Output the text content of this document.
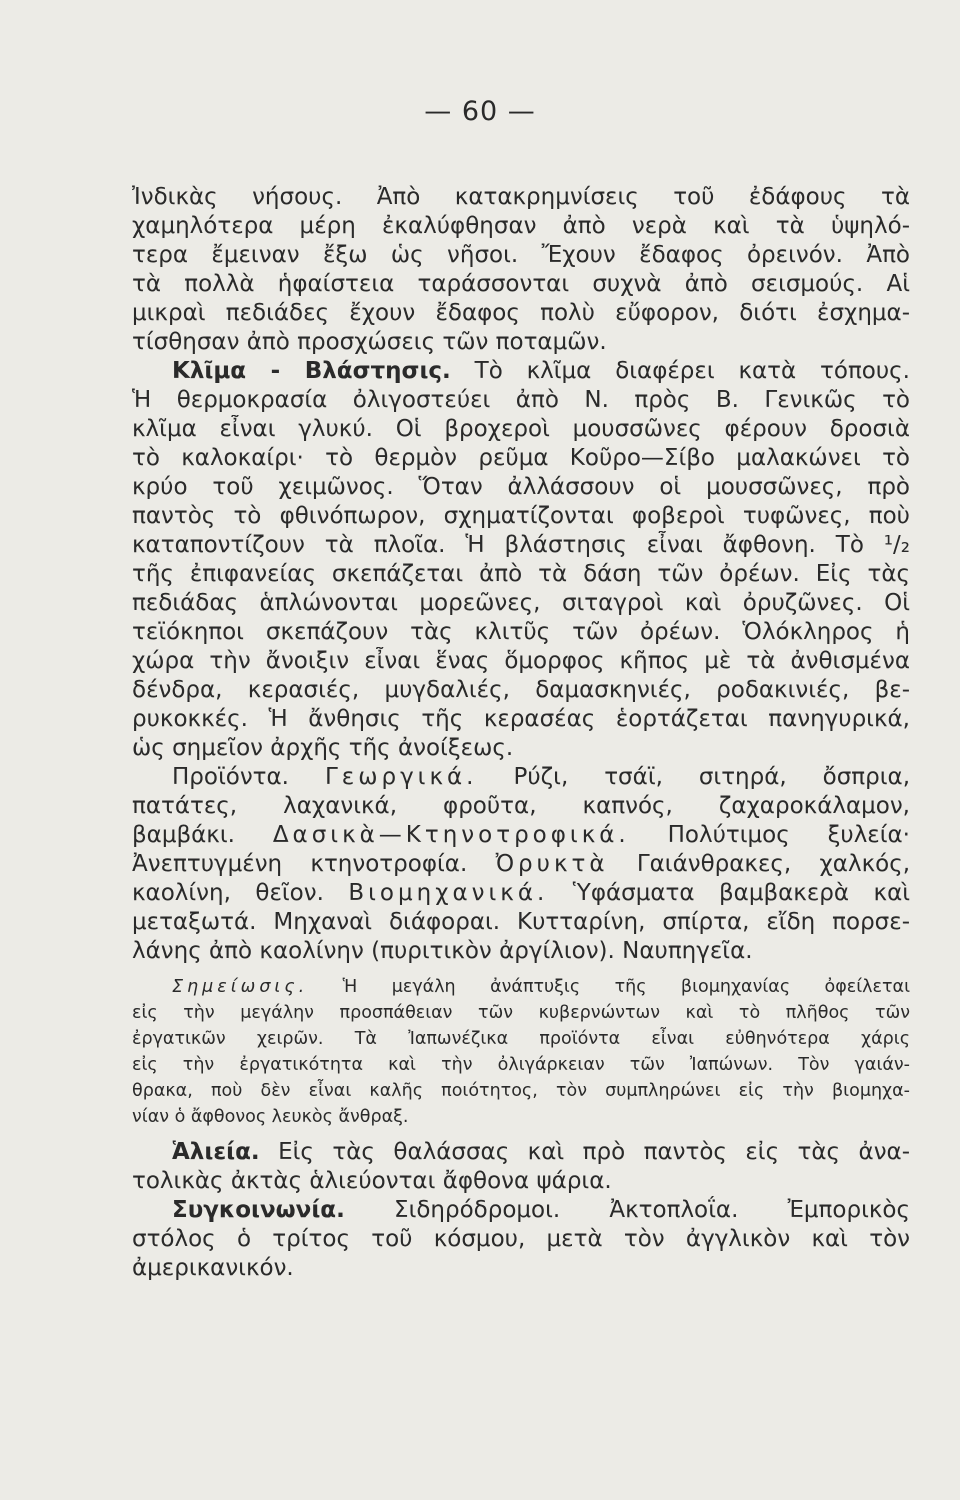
— 60 —
Ἰνδικὰς νήσους. Ἀπὸ κατακρημνίσεις τοῦ ἐδάφους τὰ
χαμηλότερα μέρη ἐκαλύφθησαν ἀπὸ νερὰ καὶ τὰ ὑψηλό-
τερα ἔμειναν ἔξω ὡς νῆσοι. Ἔχουν ἔδαφος ὀρεινόν. Ἀπὸ
τὰ πολλὰ ἡφαίστεια ταράσσονται συχνὰ ἀπὸ σεισμούς. Αἱ
μικραὶ πεδιάδες ἔχουν ἔδαφος πολὺ εὔφορον, διότι ἐσχημα-
τίσθησαν ἀπὸ προσχώσεις τῶν ποταμῶν.
Κλῖμα - Βλάστησις. Τὸ κλῖμα διαφέρει κατὰ τόπους.
Ἡ θερμοκρασία ὀλιγοστεύει ἀπὸ Ν. πρὸς Β. Γενικῶς τὸ
κλῖμα εἶναι γλυκύ. Οἱ βροχεροὶ μουσσῶνες φέρουν δροσιὰ
τὸ καλοκαίρι· τὸ θερμὸν ρεῦμα Κοῦρο—Σίβο μαλακώνει τὸ
κρύο τοῦ χειμῶνος. Ὅταν ἀλλάσσουν οἱ μουσσῶνες, πρὸ
παντὸς τὸ φθινόπωρον, σχηματίζονται φοβεροὶ τυφῶνες, ποὺ
καταποντίζουν τὰ πλοῖα. Ἡ βλάστησις εἶναι ἄφθονη. Τὸ ¹/₂
τῆς ἐπιφανείας σκεπάζεται ἀπὸ τὰ δάση τῶν ὀρέων. Εἰς τὰς
πεδιάδας ἁπλώνονται μορεῶνες, σιταγροὶ καὶ ὀρυζῶνες. Οἱ
τεϊόκηποι σκεπάζουν τὰς κλιτῦς τῶν ὀρέων. Ὁλόκληρος ἡ
χώρα τὴν ἄνοιξιν εἶναι ἕνας ὅμορφος κῆπος μὲ τὰ ἀνθισμένα
δένδρα, κερασιές, μυγδαλιές, δαμασκηνιές, ροδακινιές, βε-
ρυκοκκές. Ἡ ἄνθησις τῆς κερασέας ἑορτάζεται πανηγυρικά,
ὡς σημεῖον ἀρχῆς τῆς ἀνοίξεως.
Προϊόντα. Γεωργικά. Ρύζι, τσάϊ, σιτηρά, ὄσπρια,
πατάτες, λαχανικά, φροῦτα, καπνός, ζαχαροκάλαμον,
βαμβάκι. Δασικὰ—Κτηνοτροφικά. Πολύτιμος ξυλεία·
Ἀνεπτυγμένη κτηνοτροφία. Ὀρυκτὰ Γαιάνθρακες, χαλκός,
καολίνη, θεῖον. Βιομηχανικά. Ὑφάσματα βαμβακερὰ καὶ
μεταξωτά. Μηχαναὶ διάφοραι. Κυτταρίνη, σπίρτα, εἴδη πορσε-
λάνης ἀπὸ καολίνην (πυριτικὸν ἀργίλιον). Ναυπηγεῖα.
Σημείωσις. Ἡ μεγάλη ἀνάπτυξις τῆς βιομηχανίας ὀφείλεται
εἰς τὴν μεγάλην προσπάθειαν τῶν κυβερνώντων καὶ τὸ πλῆθος τῶν
ἐργατικῶν χειρῶν. Τὰ Ἰαπωνέζικα προϊόντα εἶναι εὐθηνότερα χάρις
εἰς τὴν ἐργατικότητα καὶ τὴν ὀλιγάρκειαν τῶν Ἰαπώνων. Τὸν γαιάν-
θρακα, ποὺ δὲν εἶναι καλῆς ποιότητος, τὸν συμπληρώνει εἰς τὴν βιομηχα-
νίαν ὁ ἄφθονος λευκὸς ἄνθραξ.
Ἁλιεία. Εἰς τὰς θαλάσσας καὶ πρὸ παντὸς εἰς τὰς ἀνα-
τολικὰς ἀκτὰς ἁλιεύονται ἄφθονα ψάρια.
Συγκοινωνία. Σιδηρόδρομοι. Ἀκτοπλοΐα. Ἐμπορικὸς
στόλος ὁ τρίτος τοῦ κόσμου, μετὰ τὸν ἀγγλικὸν καὶ τὸν
ἀμερικανικόν.
